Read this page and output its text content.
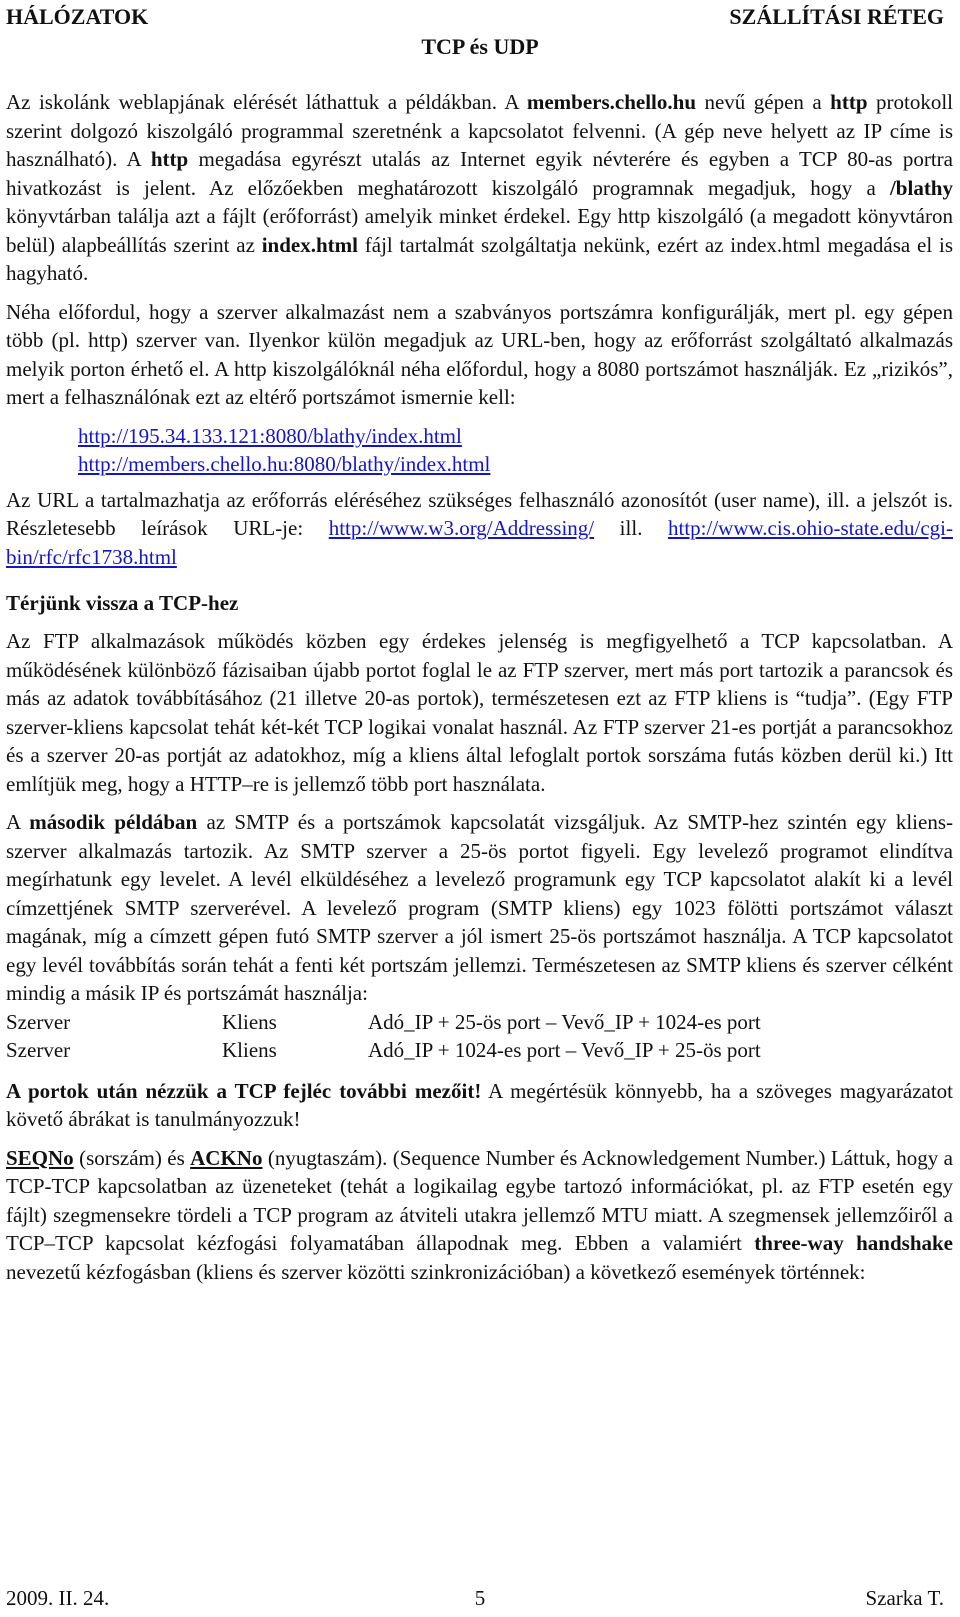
HÁLÓZATOK	SZÁLLÍTÁSI RÉTEG
TCP és UDP

Az iskolánk weblapjának elérését láthattuk a példákban. A members.chello.hu nevű gépen a http protokoll szerint dolgozó kiszolgáló programmal szeretnénk a kapcsolatot felvenni. (A gép neve helyett az IP címe is használható). A http megadása egyrészt utalás az Internet egyik névterére és egyben a TCP 80-as portra hivatkozást is jelent. Az előzőekben meghatározott kiszolgáló programnak megadjuk, hogy a /blathy könyvtárban találja azt a fájlt (erőforrást) amelyik minket érdekel. Egy http kiszolgáló (a megadott könyvtáron belül) alapbeállítás szerint az index.html fájl tartalmát szolgáltatja nekünk, ezért az index.html megadása el is hagyható.

Néha előfordul, hogy a szerver alkalmazást nem a szabványos portszámra konfigurálják, mert pl. egy gépen több (pl. http) szerver van. Ilyenkor külön megadjuk az URL-ben, hogy az erőforrást szolgáltató alkalmazás melyik porton érhető el. A http kiszolgálóknál néha előfordul, hogy a 8080 portszámot használják. Ez „rizikós”, mert a felhasználónak ezt az eltérő portszámot ismernie kell:

http://195.34.133.121:8080/blathy/index.html
http://members.chello.hu:8080/blathy/index.html

Az URL a tartalmazhatja az erőforrás eléréséhez szükséges felhasználó azonosítót (user name), ill. a jelszót is. Részletesebb leírások URL-je: http://www.w3.org/Addressing/ ill. http://www.cis.ohio-state.edu/cgi-bin/rfc/rfc1738.html

Térjünk vissza a TCP-hez

Az FTP alkalmazások működés közben egy érdekes jelenség is megfigyelhető a TCP kapcsolatban. A működésének különböző fázisaiban újabb portot foglal le az FTP szerver, mert más port tartozik a parancsok és más az adatok továbbításához (21 illetve 20-as portok), természetesen ezt az FTP kliens is “tudja”. (Egy FTP szerver-kliens kapcsolat tehát két-két TCP logikai vonalat használ. Az FTP szerver 21-es portját a parancsokhoz és a szerver 20-as portját az adatokhoz, míg a kliens által lefoglalt portok sorszáma futás közben derül ki.) Itt említjük meg, hogy a HTTP–re is jellemző több port használata.

A második példában az SMTP és a portszámok kapcsolatát vizsgáljuk. Az SMTP-hez szintén egy kliens-szerver alkalmazás tartozik. Az SMTP szerver a 25-ös portot figyeli. Egy levelező programot elindítva megírhatunk egy levelet. A levél elküldéséhez a levelező programunk egy TCP kapcsolatot alakít ki a levél címzettjének SMTP szerverével. A levelező program (SMTP kliens) egy 1023 fölötti portszámot választ magának, míg a címzett gépen futó SMTP szerver a jól ismert 25-ös portszámot használja. A TCP kapcsolatot egy levél továbbítás során tehát a fenti két portszám jellemzi. Természetesen az SMTP kliens és szerver célként mindig a másik IP és portszámát használja:

Szerver	Kliens	Adó_IP + 25-ös port – Vevő_IP + 1024-es port
Szerver	Kliens	Adó_IP + 1024-es port – Vevő_IP + 25-ös port

A portok után nézzük a TCP fejléc további mezőit! A megértésük könnyebb, ha a szöveges magyarázatot követő ábrákat is tanulmányozzuk!

SEQNo (sorszám) és ACKNo (nyugtaszám). (Sequence Number és Acknowledgement Number.) Láttuk, hogy a TCP-TCP kapcsolatban az üzeneteket (tehát a logikailag egybe tartozó információkat, pl. az FTP esetén egy fájlt) szegmensekre tördeli a TCP program az átviteli utakra jellemző MTU miatt. A szegmensek jellemzőiről a TCP–TCP kapcsolat kézfogási folyamatában állapodnak meg. Ebben a valamiért three-way handshake nevezetű kézfogásban (kliens és szerver közötti szinkronizációban) a következő események történnek:

2009. II. 24.	5	Szarka T.
